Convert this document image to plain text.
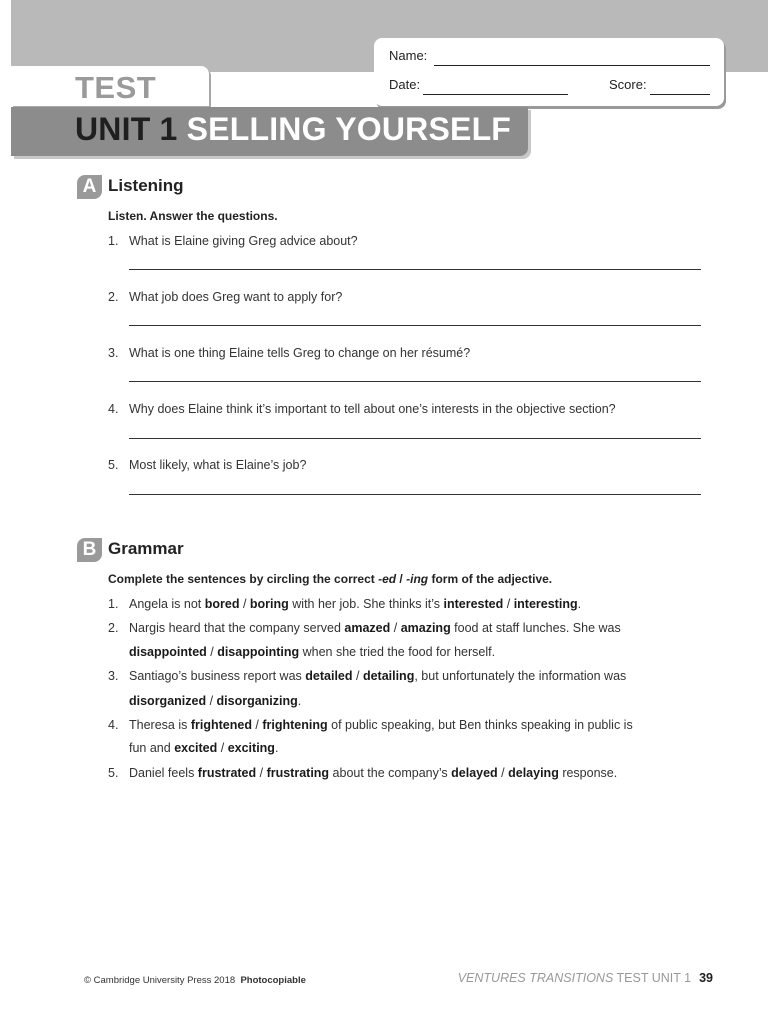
Name:
Date:	Score:
TEST
UNIT 1 SELLING YOURSELF
A Listening
Listen. Answer the questions.
1. What is Elaine giving Greg advice about?
2. What job does Greg want to apply for?
3. What is one thing Elaine tells Greg to change on her résumé?
4. Why does Elaine think it’s important to tell about one’s interests in the objective section?
5. Most likely, what is Elaine’s job?
B Grammar
Complete the sentences by circling the correct -ed / -ing form of the adjective.
1. Angela is not bored / boring with her job. She thinks it’s interested / interesting.
2. Nargis heard that the company served amazed / amazing food at staff lunches. She was
disappointed / disappointing when she tried the food for herself.
3. Santiago’s business report was detailed / detailing, but unfortunately the information was
disorganized / disorganizing.
4. Theresa is frightened / frightening of public speaking, but Ben thinks speaking in public is
fun and excited / exciting.
5. Daniel feels frustrated / frustrating about the company’s delayed / delaying response.
© Cambridge University Press 2018 Photocopiable	VENTURES TRANSITIONS TEST UNIT 1 39
